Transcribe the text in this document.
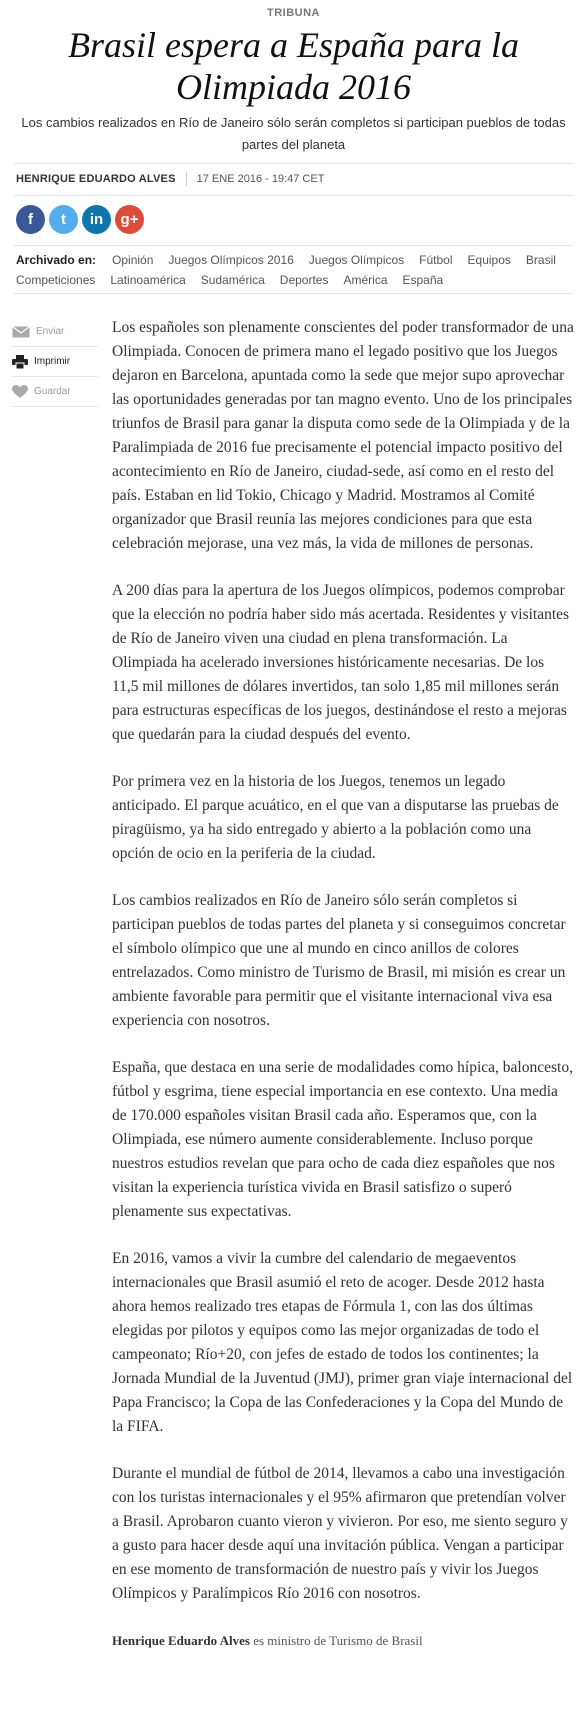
TRIBUNA
Brasil espera a España para la Olimpiada 2016

Los cambios realizados en Río de Janeiro sólo serán completos si participan pueblos de todas partes del planeta

HENRIQUE EDUARDO ALVES 17 ENE 2016 - 19:47 CET
f	t	in	g+
Archivado en: Opinión Juegos Olímpicos 2016 Juegos Olímpicos Fútbol Equipos Brasil
Competiciones Latinoamérica Sudamérica Deportes América España
Enviar
Imprimir
Guardar

Los españoles son plenamente conscientes del poder transformador de una Olimpiada. Conocen de primera mano el legado positivo que los Juegos dejaron en Barcelona, apuntada como la sede que mejor supo aprovechar las oportunidades generadas por tan magno evento. Uno de los principales triunfos de Brasil para ganar la disputa como sede de la Olimpiada y de la Paralimpiada de 2016 fue precisamente el potencial impacto positivo del acontecimiento en Río de Janeiro, ciudad-sede, así como en el resto del país. Estaban en lid Tokio, Chicago y Madrid. Mostramos al Comité organizador que Brasil reunía las mejores condiciones para que esta celebración mejorase, una vez más, la vida de millones de personas.

A 200 días para la apertura de los Juegos olímpicos, podemos comprobar que la elección no podría haber sido más acertada. Residentes y visitantes de Río de Janeiro viven una ciudad en plena transformación. La Olimpiada ha acelerado inversiones históricamente necesarias. De los 11,5 mil millones de dólares invertidos, tan solo 1,85 mil millones serán para estructuras específicas de los juegos, destinándose el resto a mejoras que quedarán para la ciudad después del evento.

Por primera vez en la historia de los Juegos, tenemos un legado anticipado. El parque acuático, en el que van a disputarse las pruebas de piragüismo, ya ha sido entregado y abierto a la población como una opción de ocio en la periferia de la ciudad.

Los cambios realizados en Río de Janeiro sólo serán completos si participan pueblos de todas partes del planeta y si conseguimos concretar el símbolo olímpico que une al mundo en cinco anillos de colores entrelazados. Como ministro de Turismo de Brasil, mi misión es crear un ambiente favorable para permitir que el visitante internacional viva esa experiencia con nosotros.

España, que destaca en una serie de modalidades como hípica, baloncesto, fútbol y esgrima, tiene especial importancia en ese contexto. Una media de 170.000 españoles visitan Brasil cada año. Esperamos que, con la Olimpiada, ese número aumente considerablemente. Incluso porque nuestros estudios revelan que para ocho de cada diez españoles que nos visitan la experiencia turística vivida en Brasil satisfizo o superó plenamente sus expectativas.

En 2016, vamos a vivir la cumbre del calendario de megaeventos internacionales que Brasil asumió el reto de acoger. Desde 2012 hasta ahora hemos realizado tres etapas de Fórmula 1, con las dos últimas elegidas por pilotos y equipos como las mejor organizadas de todo el campeonato; Río+20, con jefes de estado de todos los continentes; la Jornada Mundial de la Juventud (JMJ), primer gran viaje internacional del Papa Francisco; la Copa de las Confederaciones y la Copa del Mundo de la FIFA.

Durante el mundial de fútbol de 2014, llevamos a cabo una investigación con los turistas internacionales y el 95% afirmaron que pretendían volver a Brasil. Aprobaron cuanto vieron y vivieron. Por eso, me siento seguro y a gusto para hacer desde aquí una invitación pública. Vengan a participar en ese momento de transformación de nuestro país y vivir los Juegos Olímpicos y Paralímpicos Río 2016 con nosotros.

Henrique Eduardo Alves es ministro de Turismo de Brasil
